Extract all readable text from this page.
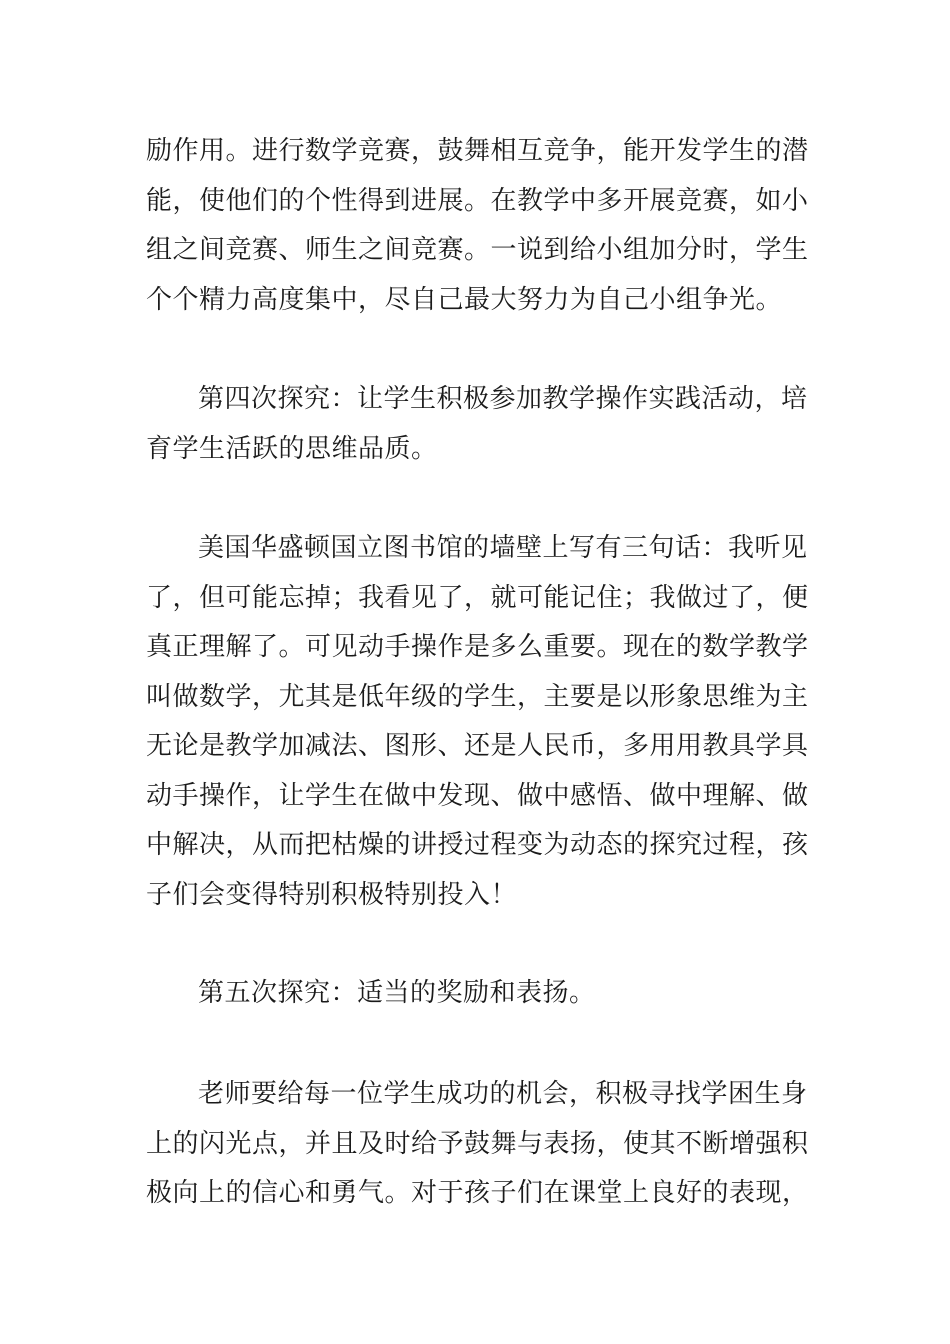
励作用。进行数学竞赛，鼓舞相互竞争，能开发学生的潜
能，使他们的个性得到进展。在教学中多开展竞赛，如小
组之间竞赛、师生之间竞赛。一说到给小组加分时，学生
个个精力高度集中，尽自己最大努力为自己小组争光。
第四次探究：让学生积极参加教学操作实践活动，培
育学生活跃的思维品质。
美国华盛顿国立图书馆的墙壁上写有三句话：我听见
了，但可能忘掉；我看见了，就可能记住；我做过了，便
真正理解了。可见动手操作是多么重要。现在的数学教学
叫做数学，尤其是低年级的学生，主要是以形象思维为主
无论是教学加减法、图形、还是人民币，多用用教具学具
动手操作，让学生在做中发现、做中感悟、做中理解、做
中解决，从而把枯燥的讲授过程变为动态的探究过程，孩
子们会变得特别积极特别投入！
第五次探究：适当的奖励和表扬。
老师要给每一位学生成功的机会，积极寻找学困生身
上的闪光点，并且及时给予鼓舞与表扬，使其不断增强积
极向上的信心和勇气。对于孩子们在课堂上良好的表现，
